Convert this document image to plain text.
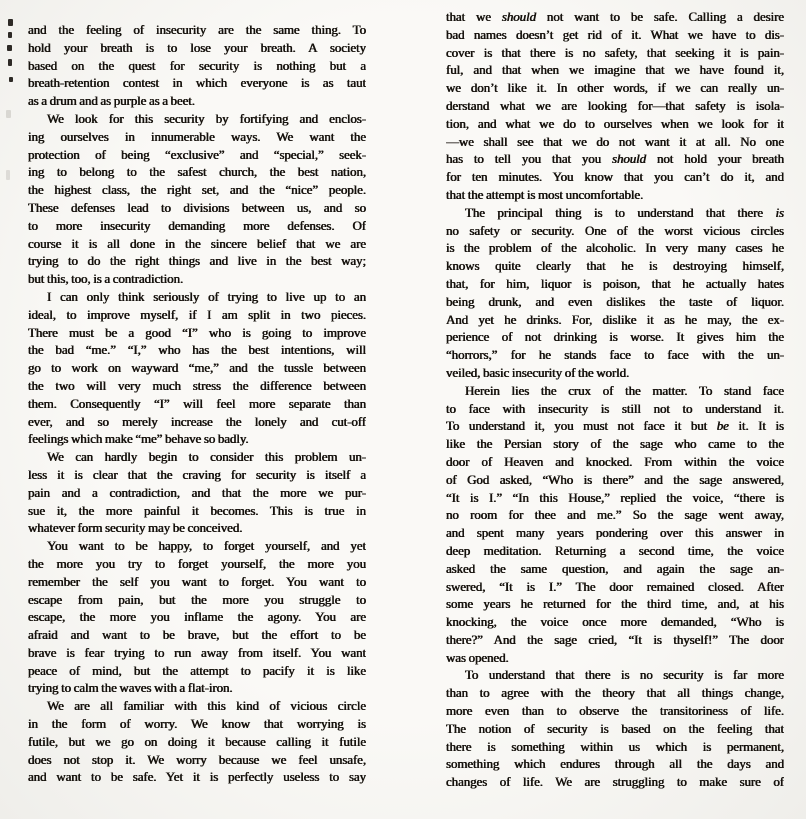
and the feeling of insecurity are the same thing. To
hold your breath is to lose your breath. A society
based on the quest for security is nothing but a
breath-retention contest in which everyone is as taut
as a drum and as purple as a beet.
We look for this security by fortifying and enclos-
ing ourselves in innumerable ways. We want the
protection of being “exclusive” and “special,” seek-
ing to belong to the safest church, the best nation,
the highest class, the right set, and the “nice” people.
These defenses lead to divisions between us, and so
to more insecurity demanding more defenses. Of
course it is all done in the sincere belief that we are
trying to do the right things and live in the best way;
but this, too, is a contradiction.
I can only think seriously of trying to live up to an
ideal, to improve myself, if I am split in two pieces.
There must be a good “I” who is going to improve
the bad “me.” “I,” who has the best intentions, will
go to work on wayward “me,” and the tussle between
the two will very much stress the difference between
them. Consequently “I” will feel more separate than
ever, and so merely increase the lonely and cut-off
feelings which make “me” behave so badly.
We can hardly begin to consider this problem un-
less it is clear that the craving for security is itself a
pain and a contradiction, and that the more we pur-
sue it, the more painful it becomes. This is true in
whatever form security may be conceived.
You want to be happy, to forget yourself, and yet
the more you try to forget yourself, the more you
remember the self you want to forget. You want to
escape from pain, but the more you struggle to
escape, the more you inflame the agony. You are
afraid and want to be brave, but the effort to be
brave is fear trying to run away from itself. You want
peace of mind, but the attempt to pacify it is like
trying to calm the waves with a flat-iron.
We are all familiar with this kind of vicious circle
in the form of worry. We know that worrying is
futile, but we go on doing it because calling it futile
does not stop it. We worry because we feel unsafe,
and want to be safe. Yet it is perfectly useless to say
that we should not want to be safe. Calling a desire
bad names doesn’t get rid of it. What we have to dis-
cover is that there is no safety, that seeking it is pain-
ful, and that when we imagine that we have found it,
we don’t like it. In other words, if we can really un-
derstand what we are looking for—that safety is isola-
tion, and what we do to ourselves when we look for it
—we shall see that we do not want it at all. No one
has to tell you that you should not hold your breath
for ten minutes. You know that you can’t do it, and
that the attempt is most uncomfortable.
The principal thing is to understand that there is
no safety or security. One of the worst vicious circles
is the problem of the alcoholic. In very many cases he
knows quite clearly that he is destroying himself,
that, for him, liquor is poison, that he actually hates
being drunk, and even dislikes the taste of liquor.
And yet he drinks. For, dislike it as he may, the ex-
perience of not drinking is worse. It gives him the
“horrors,” for he stands face to face with the un-
veiled, basic insecurity of the world.
Herein lies the crux of the matter. To stand face
to face with insecurity is still not to understand it.
To understand it, you must not face it but be it. It is
like the Persian story of the sage who came to the
door of Heaven and knocked. From within the voice
of God asked, “Who is there” and the sage answered,
“It is I.” “In this House,” replied the voice, “there is
no room for thee and me.” So the sage went away,
and spent many years pondering over this answer in
deep meditation. Returning a second time, the voice
asked the same question, and again the sage an-
swered, “It is I.” The door remained closed. After
some years he returned for the third time, and, at his
knocking, the voice once more demanded, “Who is
there?” And the sage cried, “It is thyself!” The door
was opened.
To understand that there is no security is far more
than to agree with the theory that all things change,
more even than to observe the transitoriness of life.
The notion of security is based on the feeling that
there is something within us which is permanent,
something which endures through all the days and
changes of life. We are struggling to make sure of
